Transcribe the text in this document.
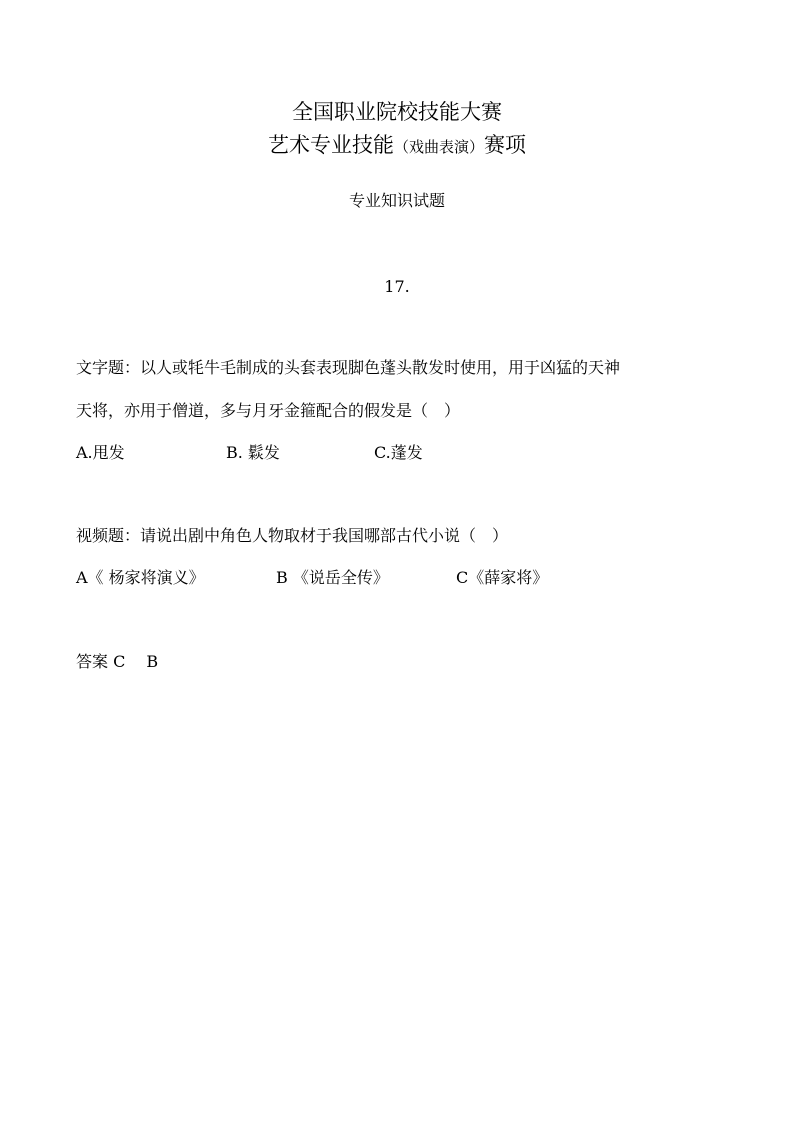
全国职业院校技能大赛
艺术专业技能（戏曲表演）赛项
专业知识试题
17.
文字题：以人或牦牛毛制成的头套表现脚色蓬头散发时使用，用于凶猛的天神
天将，亦用于僧道，多与月牙金箍配合的假发是（　）
A.甩发	B. 鬏发	C.蓬发
视频题：请说出剧中角色人物取材于我国哪部古代小说（　）
A《 杨家将演义》	B 《说岳全传》	C《薛家将》
答案 C　 B
